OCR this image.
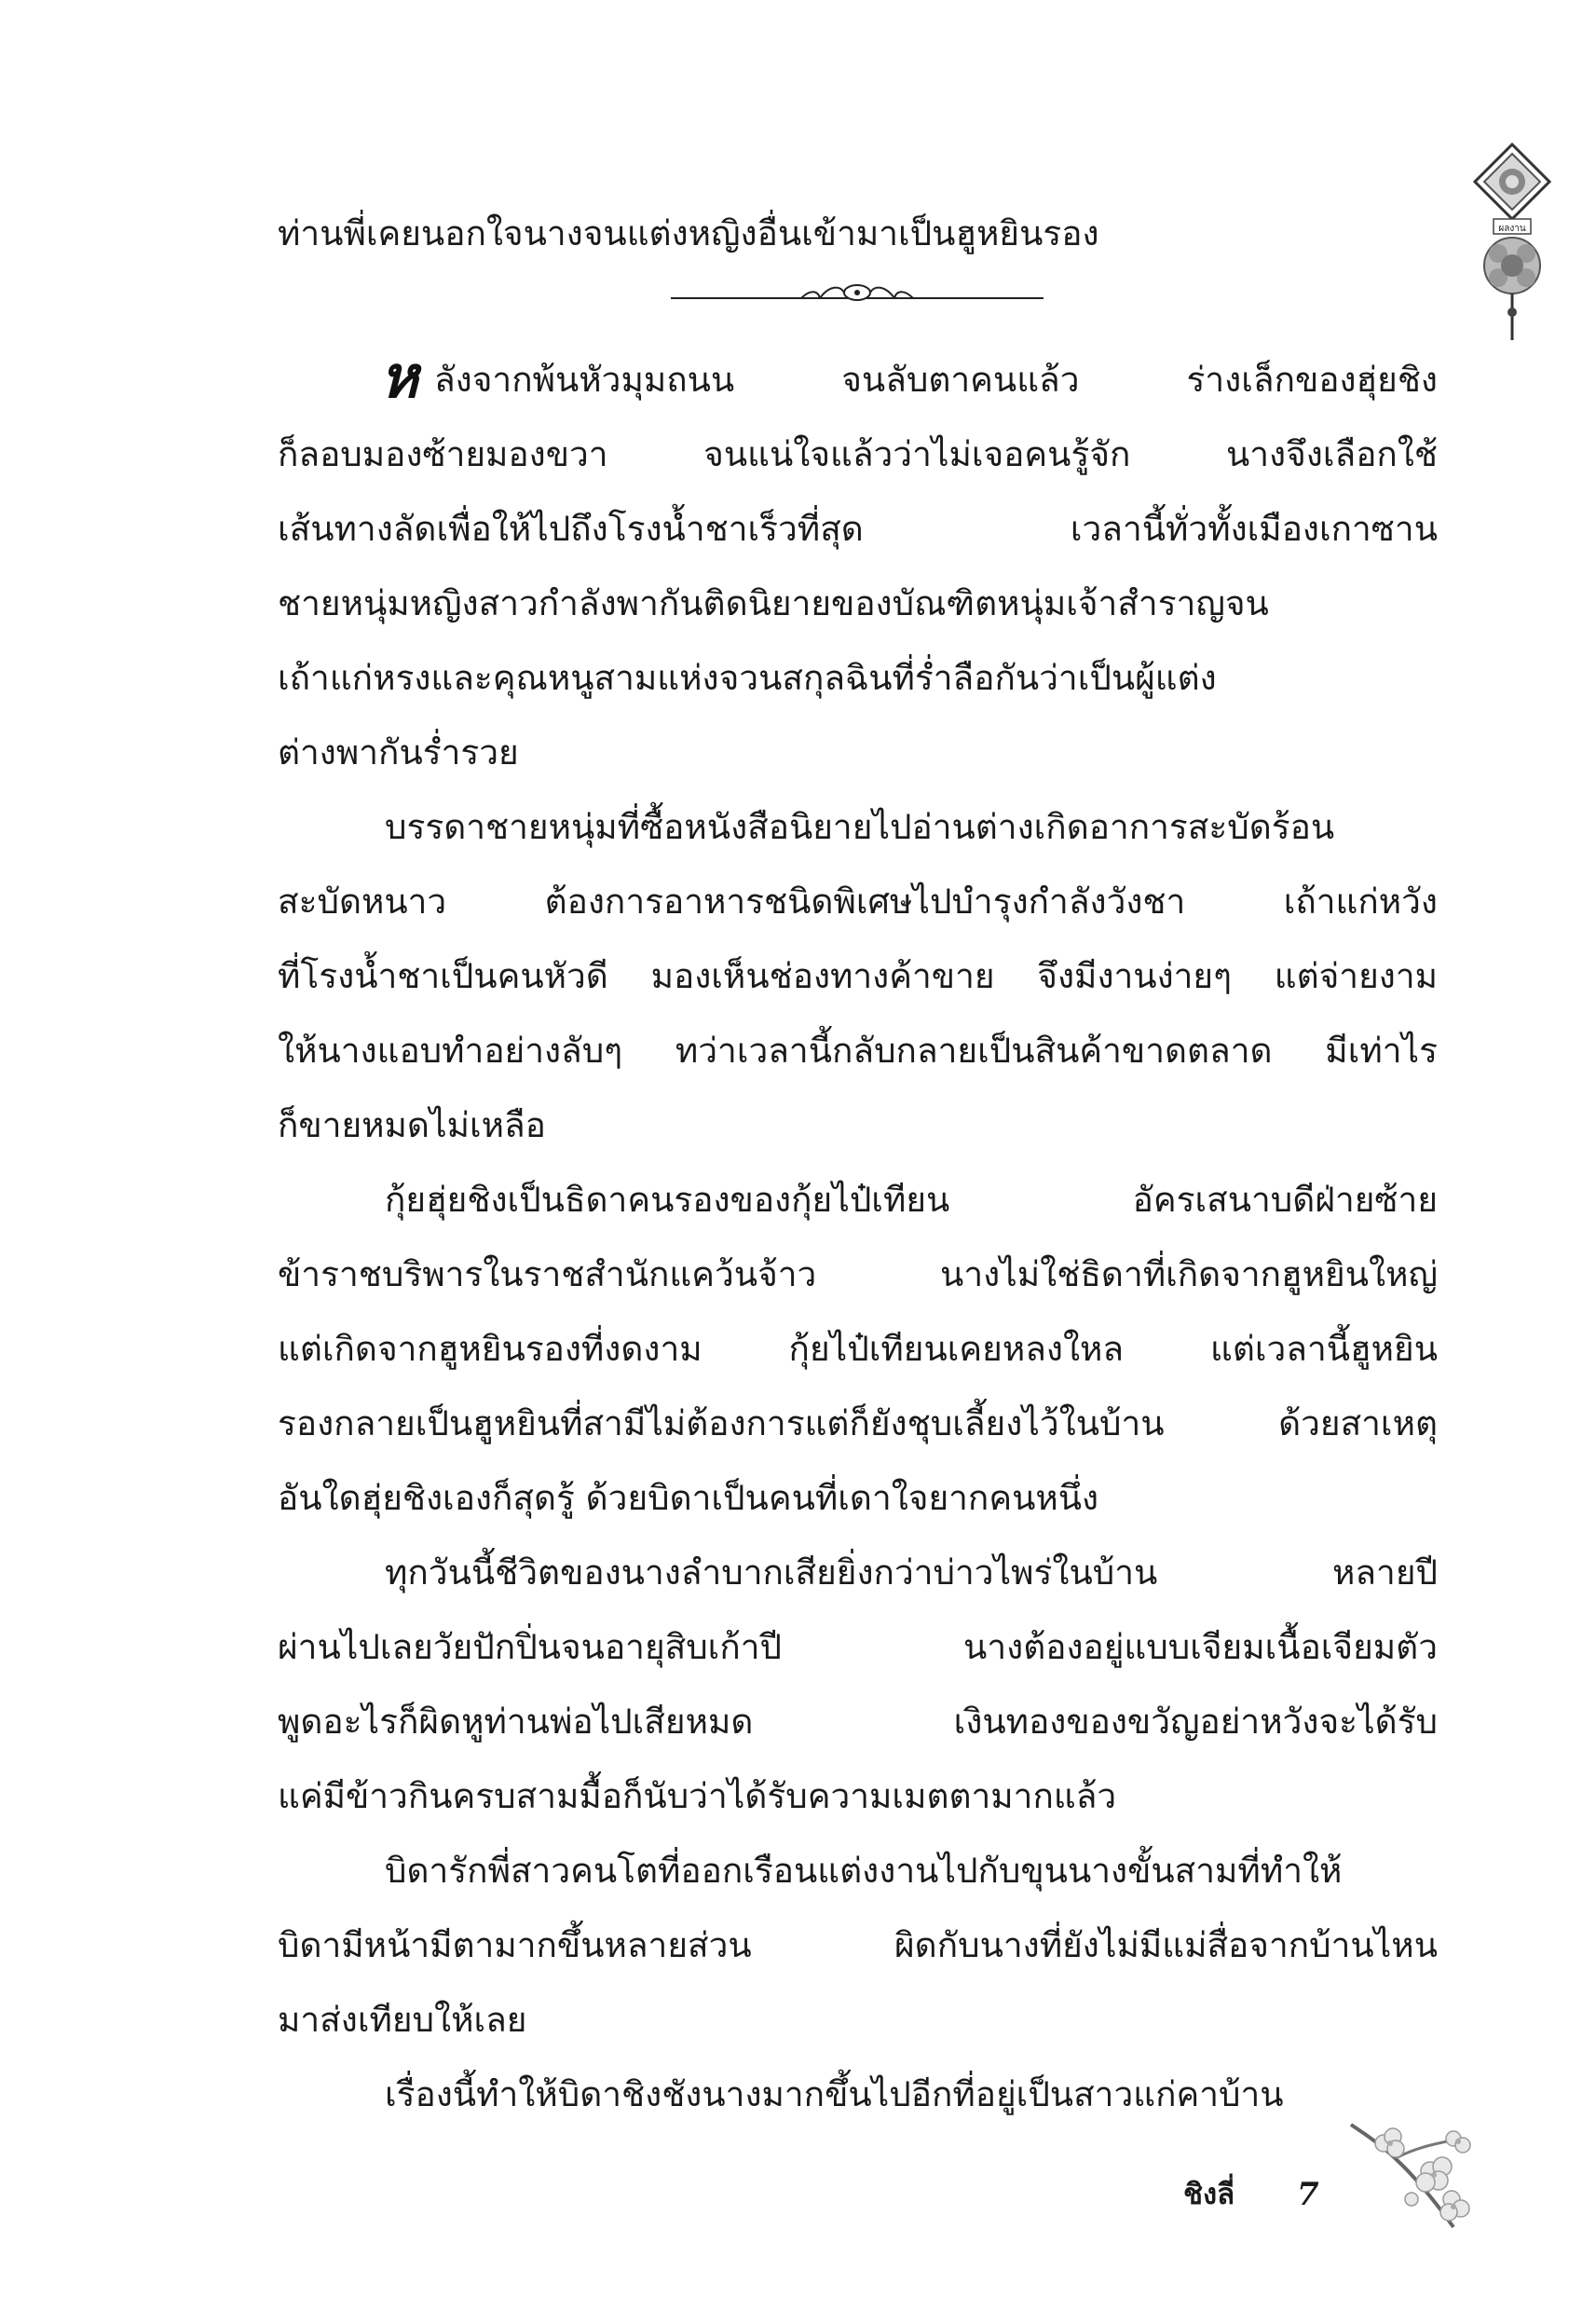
ท่านพี่เคยนอกใจนางจนแต่งหญิงอื่นเข้ามาเป็นฮูหยินรอง	ผลงาน
ห ลังจากพ้นหัวมุมถนน จนลับตาคนแล้ว ร่างเล็กของฮุ่ยชิง
ก็ลอบมองซ้ายมองขวา จนแน่ใจแล้วว่าไม่เจอคนรู้จัก นางจึงเลือกใช้
เส้นทางลัดเพื่อให้ไปถึงโรงน้ำชาเร็วที่สุด เวลานี้ทั่วทั้งเมืองเกาซาน
ชายหนุ่มหญิงสาวกำลังพากันติดนิยายของบัณฑิตหนุ่มเจ้าสำราญจน
เถ้าแก่หรงและคุณหนูสามแห่งจวนสกุลฉินที่ร่ำลือกันว่าเป็นผู้แต่ง
ต่างพากันร่ำรวย
บรรดาชายหนุ่มที่ซื้อหนังสือนิยายไปอ่านต่างเกิดอาการสะบัดร้อน
สะบัดหนาว ต้องการอาหารชนิดพิเศษไปบำรุงกำลังวังชา เถ้าแก่หวัง
ที่โรงน้ำชาเป็นคนหัวดี มองเห็นช่องทางค้าขาย จึงมีงานง่ายๆ แต่จ่ายงาม
ให้นางแอบทำอย่างลับๆ ทว่าเวลานี้กลับกลายเป็นสินค้าขาดตลาด มีเท่าไร
ก็ขายหมดไม่เหลือ
กุ้ยฮุ่ยชิงเป็นธิดาคนรองของกุ้ยไป๋เทียน อัครเสนาบดีฝ่ายซ้าย
ข้าราชบริพารในราชสำนักแคว้นจ้าว นางไม่ใช่ธิดาที่เกิดจากฮูหยินใหญ่
แต่เกิดจากฮูหยินรองที่งดงาม กุ้ยไป๋เทียนเคยหลงใหล แต่เวลานี้ฮูหยิน
รองกลายเป็นฮูหยินที่สามีไม่ต้องการแต่ก็ยังชุบเลี้ยงไว้ในบ้าน ด้วยสาเหตุ
อันใดฮุ่ยชิงเองก็สุดรู้ ด้วยบิดาเป็นคนที่เดาใจยากคนหนึ่ง
ทุกวันนี้ชีวิตของนางลำบากเสียยิ่งกว่าบ่าวไพร่ในบ้าน หลายปี
ผ่านไปเลยวัยปักปิ่นจนอายุสิบเก้าปี นางต้องอยู่แบบเจียมเนื้อเจียมตัว
พูดอะไรก็ผิดหูท่านพ่อไปเสียหมด เงินทองของขวัญอย่าหวังจะได้รับ
แค่มีข้าวกินครบสามมื้อก็นับว่าได้รับความเมตตามากแล้ว
บิดารักพี่สาวคนโตที่ออกเรือนแต่งงานไปกับขุนนางขั้นสามที่ทำให้
บิดามีหน้ามีตามากขึ้นหลายส่วน ผิดกับนางที่ยังไม่มีแม่สื่อจากบ้านไหน
มาส่งเทียบให้เลย
เรื่องนี้ทำให้บิดาชิงชังนางมากขึ้นไปอีกที่อยู่เป็นสาวแก่คาบ้าน
ชิงลี่ 7
